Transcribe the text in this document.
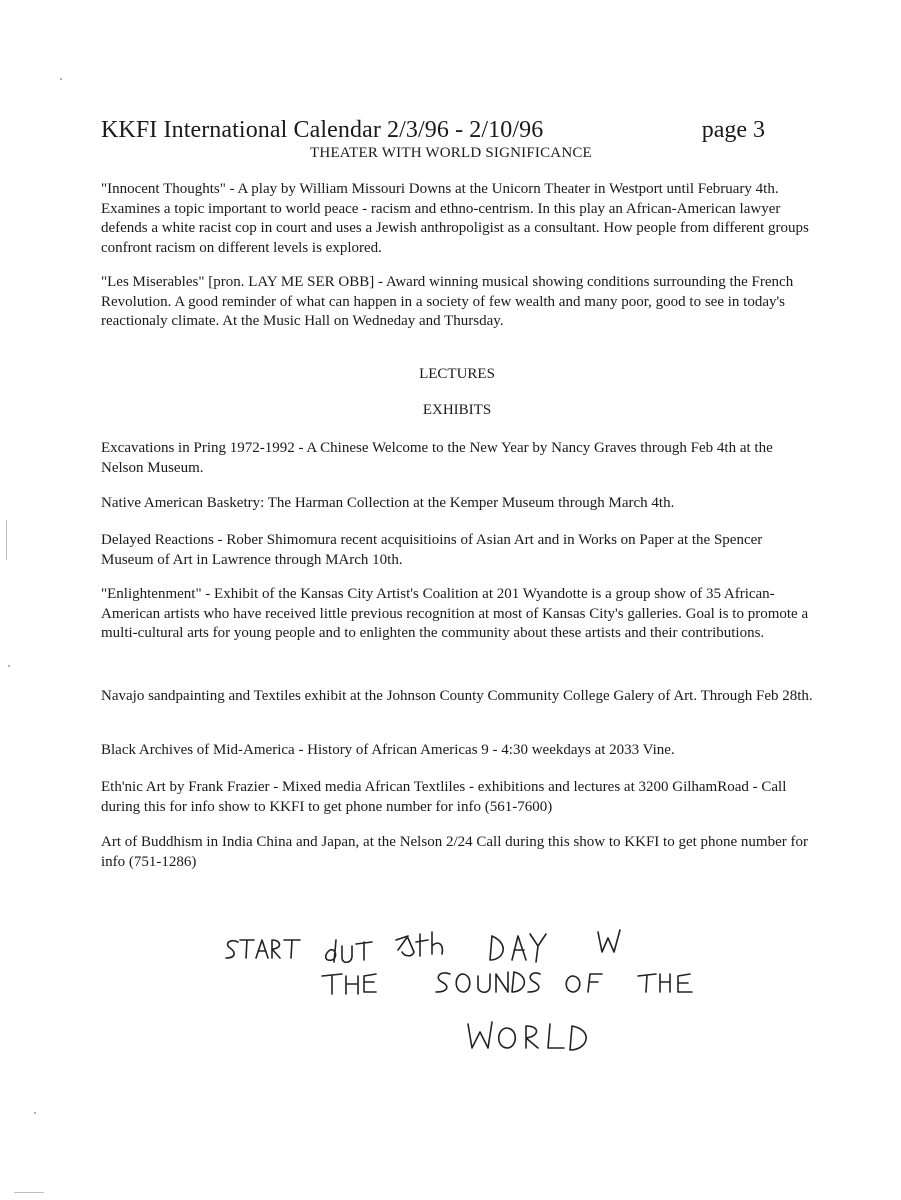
KKFI International Calendar 2/3/96 - 2/10/96	page 3
THEATER WITH WORLD SIGNIFICANCE

"Innocent Thoughts" - A play by William Missouri Downs at the Unicorn Theater in Westport until February 4th. Examines a topic important to world peace - racism and ethno-centrism. In this play an African-American lawyer defends a white racist cop in court and uses a Jewish anthropoligist as a consultant. How people from different groups confront racism on different levels is explored.

"Les Miserables" [pron. LAY ME SER OBB] - Award winning musical showing conditions surrounding the French Revolution. A good reminder of what can happen in a society of few wealth and many poor, good to see in today's reactionaly climate. At the Music Hall on Wedneday and Thursday.

LECTURES
EXHIBITS

Excavations in Pring 1972-1992 - A Chinese Welcome to the New Year by Nancy Graves through Feb 4th at the Nelson Museum.

Native American Basketry: The Harman Collection at the Kemper Museum through March 4th.

Delayed Reactions - Rober Shimomura recent acquisitioins of Asian Art and in Works on Paper at the Spencer Museum of Art in Lawrence through MArch 10th.

"Enlightenment" - Exhibit of the Kansas City Artist's Coalition at 201 Wyandotte is a group show of 35 African-American artists who have received little previous recognition at most of Kansas City's galleries. Goal is to promote a multi-cultural arts for young people and to enlighten the community about these artists and their contributions.

Navajo sandpainting and Textiles exhibit at the Johnson County Community College Galery of Art. Through Feb 28th.

Black Archives of Mid-America - History of African Americas 9 - 4:30 weekdays at 2033 Vine.

Eth'nic Art by Frank Frazier - Mixed media African Textliles - exhibitions and lectures at 3200 GilhamRoad - Call during this for info show to KKFI to get phone number for info (561-7600)

Art of Buddhism in India China and Japan, at the Nelson 2/24 Call during this show to KKFI to get phone number for info (751-1286)
